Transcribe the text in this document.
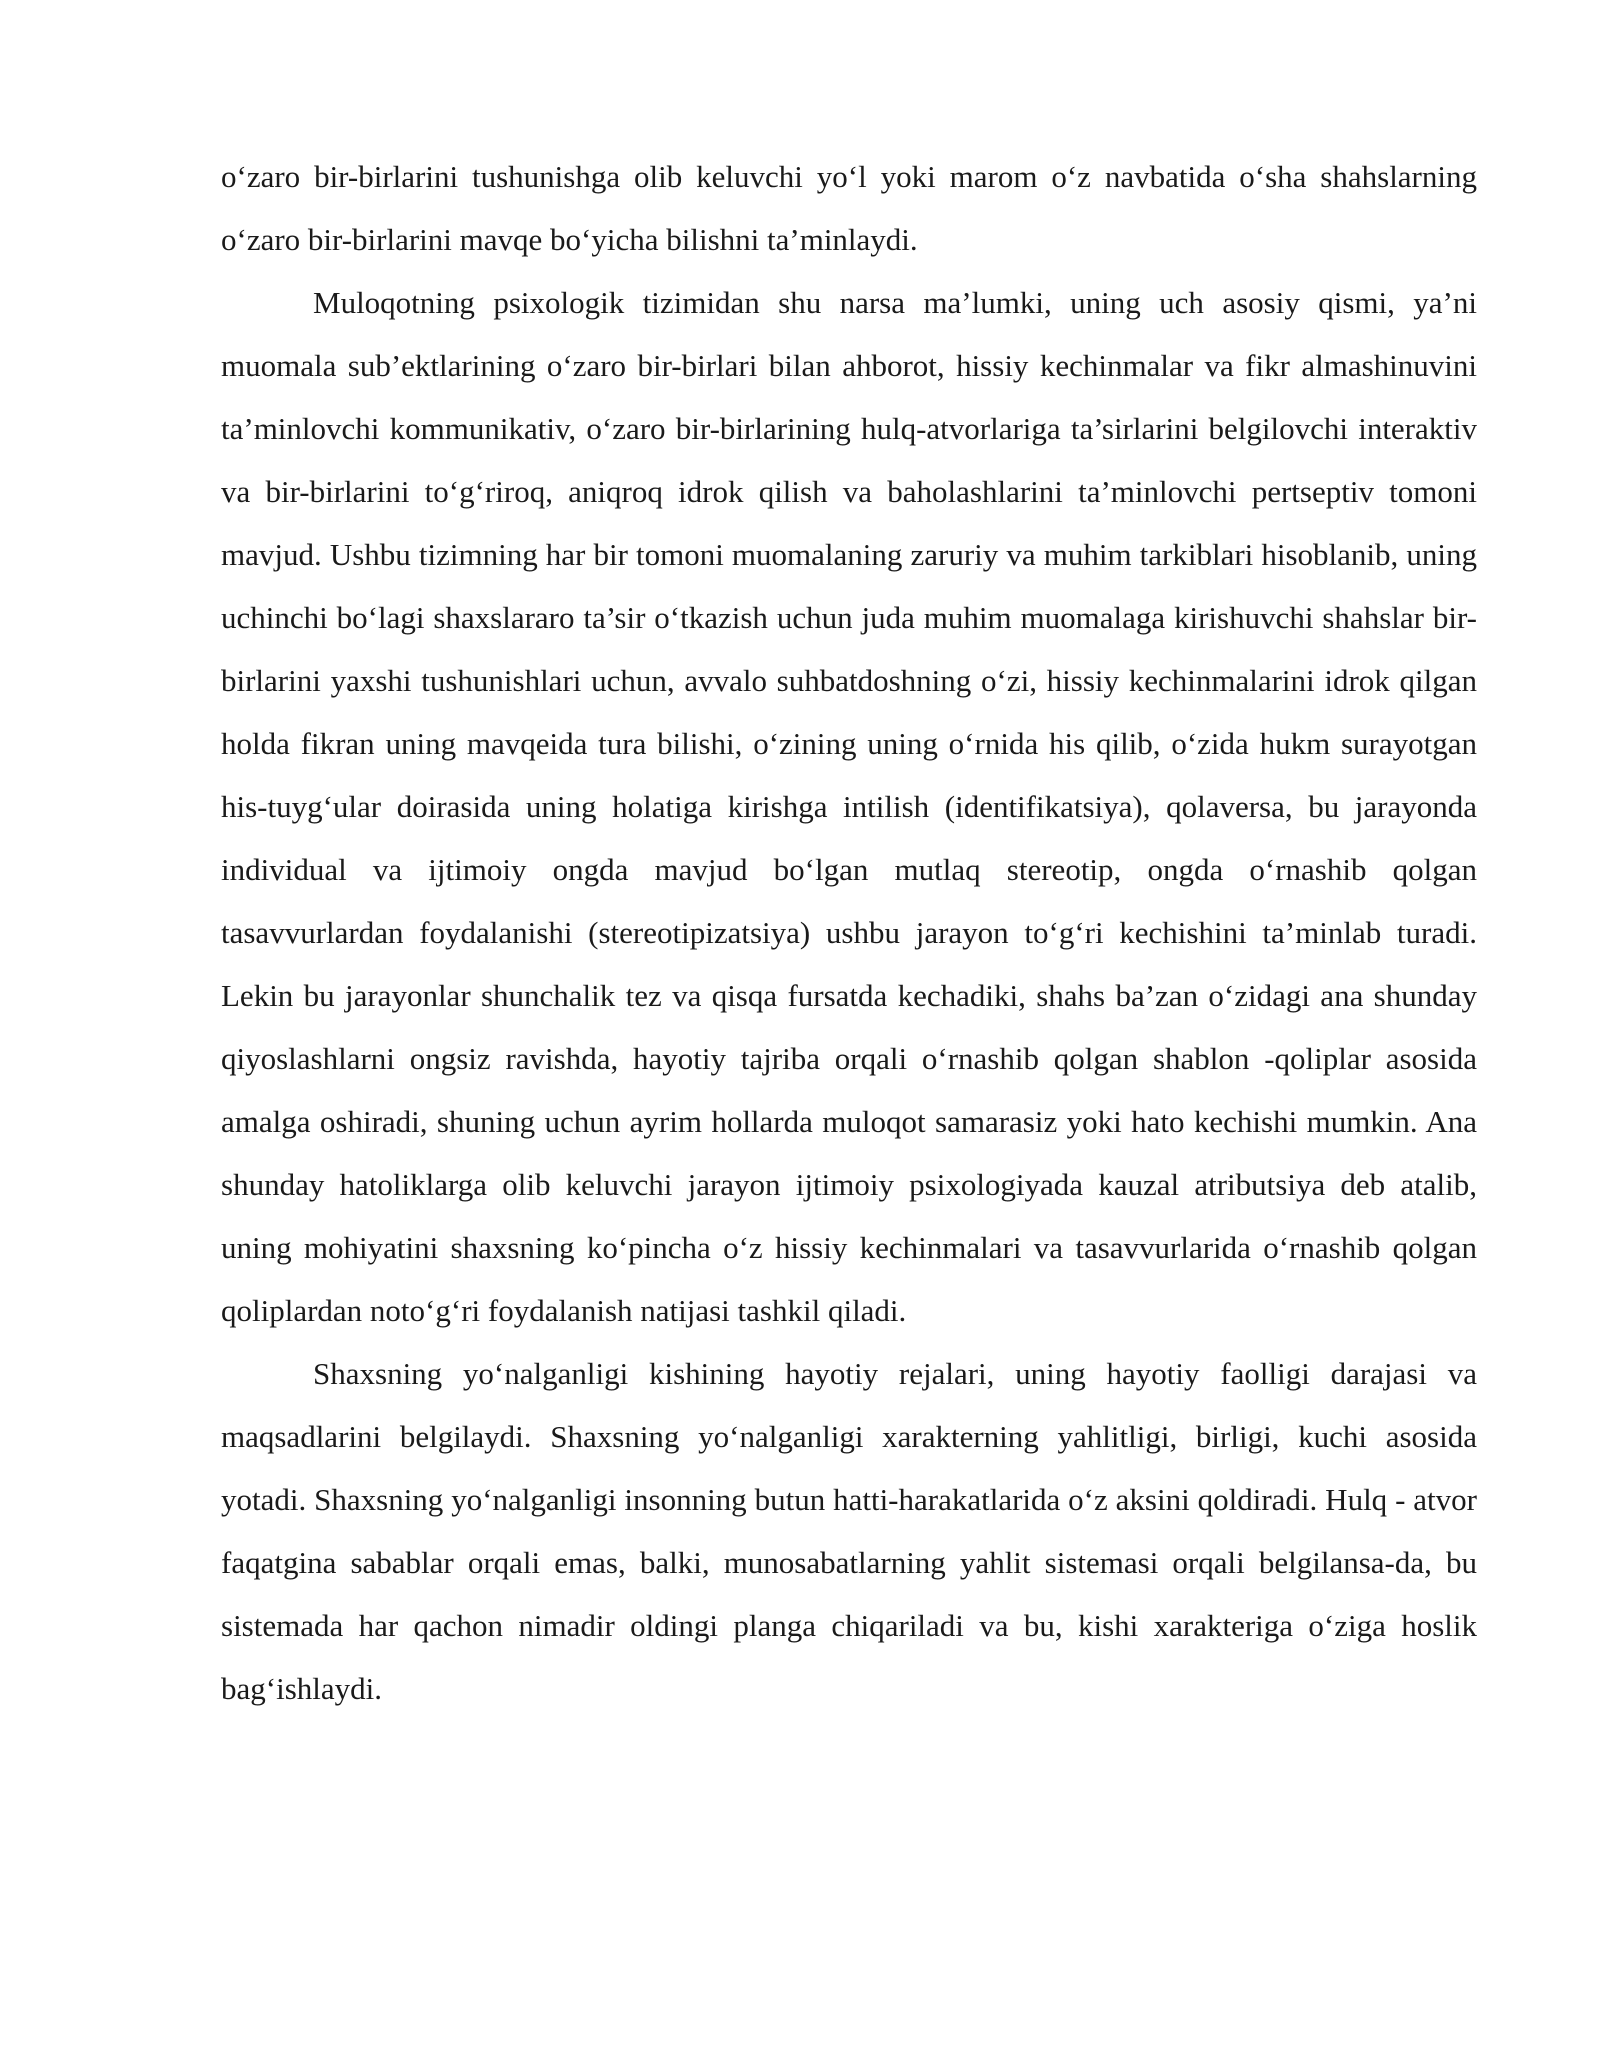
o‘zaro bir-birlarini tushunishga olib keluvchi yo‘l yoki marom o‘z navbatida o‘sha shahslarning o‘zaro bir-birlarini mavqe bo‘yicha bilishni ta’minlaydi.

Muloqotning psixologik tizimidan shu narsa ma’lumki, uning uch asosiy qismi, ya’ni muomala sub’ektlarining o‘zaro bir-birlari bilan ahborot, hissiy kechinmalar va fikr almashinuvini ta’minlovchi kommunikativ, o‘zaro bir-birlarining hulq-atvorlariga ta’sirlarini belgilovchi interaktiv va bir-birlarini to‘g‘riroq, aniqroq idrok qilish va baholashlarini ta’minlovchi pertseptiv tomoni mavjud. Ushbu tizimning har bir tomoni muomalaning zaruriy va muhim tarkiblari hisoblanib, uning uchinchi bo‘lagi shaxslararo ta’sir o‘tkazish uchun juda muhim muomalaga kirishuvchi shahslar bir-birlarini yaxshi tushunishlari uchun, avvalo suhbatdoshning o‘zi, hissiy kechinmalarini idrok qilgan holda fikran uning mavqeida tura bilishi, o‘zining uning o‘rnida his qilib, o‘zida hukm surayotgan his-tuyg‘ular doirasida uning holatiga kirishga intilish (identifikatsiya), qolaversa, bu jarayonda individual va ijtimoiy ongda mavjud bo‘lgan mutlaq stereotip, ongda o‘rnashib qolgan tasavvurlardan foydalanishi (stereotipizatsiya) ushbu jarayon to‘g‘ri kechishini ta’minlab turadi. Lekin bu jarayonlar shunchalik tez va qisqa fursatda kechadiki, shahs ba’zan o‘zidagi ana shunday qiyoslashlarni ongsiz ravishda, hayotiy tajriba orqali o‘rnashib qolgan shablon -qoliplar asosida amalga oshiradi, shuning uchun ayrim hollarda muloqot samarasiz yoki hato kechishi mumkin. Ana shunday hatoliklarga olib keluvchi jarayon ijtimoiy psixologiyada kauzal atributsiya deb atalib, uning mohiyatini shaxsning ko‘pincha o‘z hissiy kechinmalari va tasavvurlarida o‘rnashib qolgan qoliplardan noto‘g‘ri foydalanish natijasi tashkil qiladi.

Shaxsning yo‘nalganligi kishining hayotiy rejalari, uning hayotiy faolligi darajasi va maqsadlarini belgilaydi. Shaxsning yo‘nalganligi xarakterning yahlitligi, birligi, kuchi asosida yotadi. Shaxsning yo‘nalganligi insonning butun hatti-harakatlarida o‘z aksini qoldiradi. Hulq - atvor faqatgina sabablar orqali emas, balki, munosabatlarning yahlit sistemasi orqali belgilansa-da, bu sistemada har qachon nimadir oldingi planga chiqariladi va bu, kishi xarakteriga o‘ziga hoslik bag‘ishlaydi.
